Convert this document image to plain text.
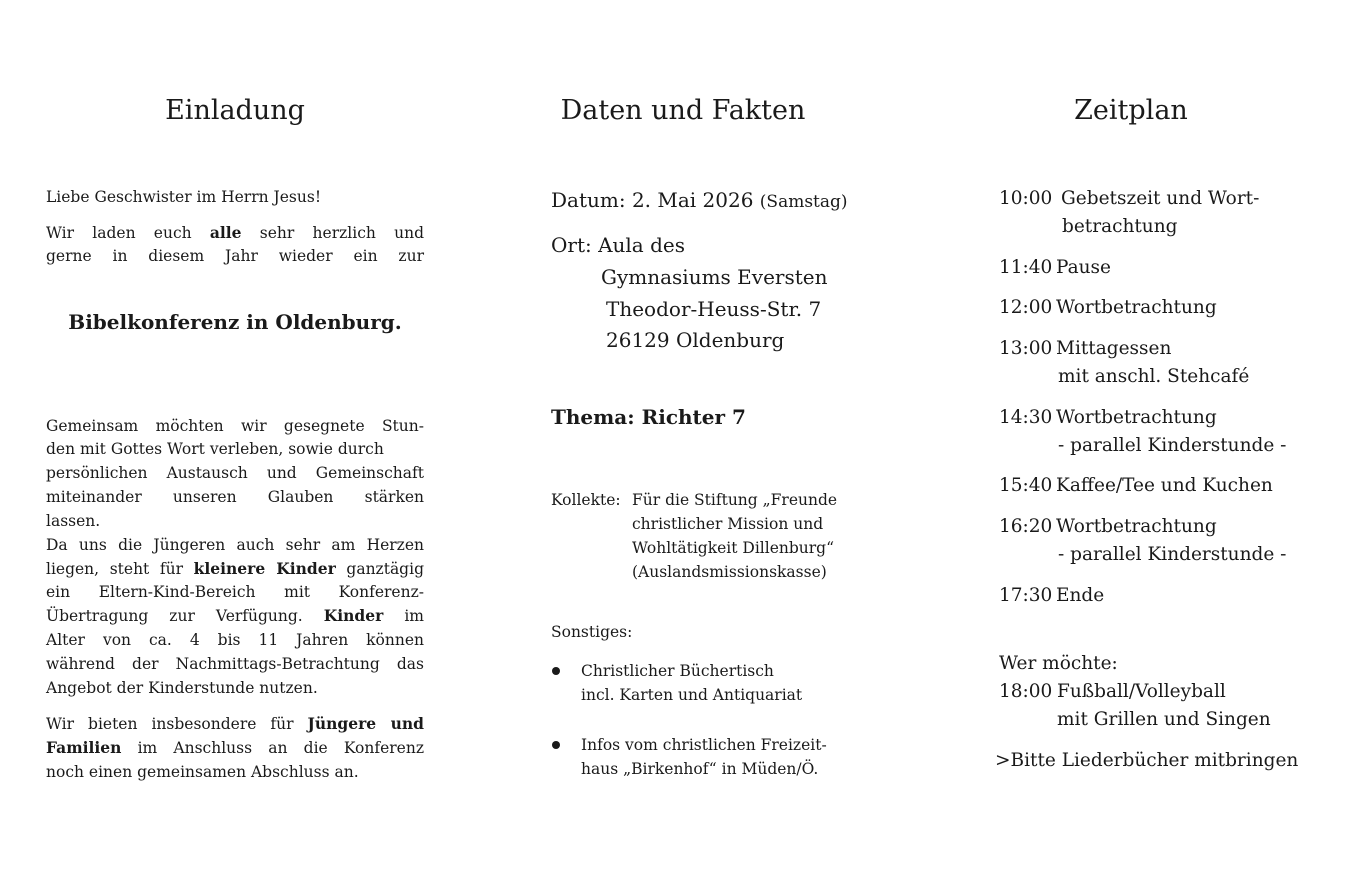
Einladung	Daten und Fakten	Zeitplan
Liebe Geschwister im Herrn Jesus!
Wir laden euch alle sehr herzlich und
gerne in diesem Jahr wieder ein zur
Bibelkonferenz in Oldenburg.
Gemeinsam möchten wir gesegnete Stun-
den mit Gottes Wort verleben, sowie durch
persönlichen Austausch und Gemeinschaft
miteinander unseren Glauben stärken
lassen.
Da uns die Jüngeren auch sehr am Herzen
liegen, steht für kleinere Kinder ganztägig
ein Eltern-Kind-Bereich mit Konferenz-
Übertragung zur Verfügung. Kinder im
Alter von ca. 4 bis 11 Jahren können
während der Nachmittags-Betrachtung das
Angebot der Kinderstunde nutzen.
Wir bieten insbesondere für Jüngere und
Familien im Anschluss an die Konferenz
noch einen gemeinsamen Abschluss an.
Datum: 2. Mai 2026 (Samstag)
Ort: Aula des
Gymnasiums Eversten
Theodor-Heuss-Str. 7
26129 Oldenburg
Thema: Richter 7
Kollekte: Für die Stiftung „Freunde
christlicher Mission und
Wohltätigkeit Dillenburg“
(Auslandsmissionskasse)
Sonstiges:
Christlicher Büchertisch
incl. Karten und Antiquariat
Infos vom christlichen Freizeit-
haus „Birkenhof“ in Müden/Ö.
10:00 Gebetszeit und Wort-
betrachtung
11:40 Pause
12:00 Wortbetrachtung
13:00 Mittagessen
mit anschl. Stehcafé
14:30 Wortbetrachtung
- parallel Kinderstunde -
15:40 Kaffee/Tee und Kuchen
16:20 Wortbetrachtung
- parallel Kinderstunde -
17:30 Ende
Wer möchte:
18:00 Fußball/Volleyball
mit Grillen und Singen
>Bitte Liederbücher mitbringen
